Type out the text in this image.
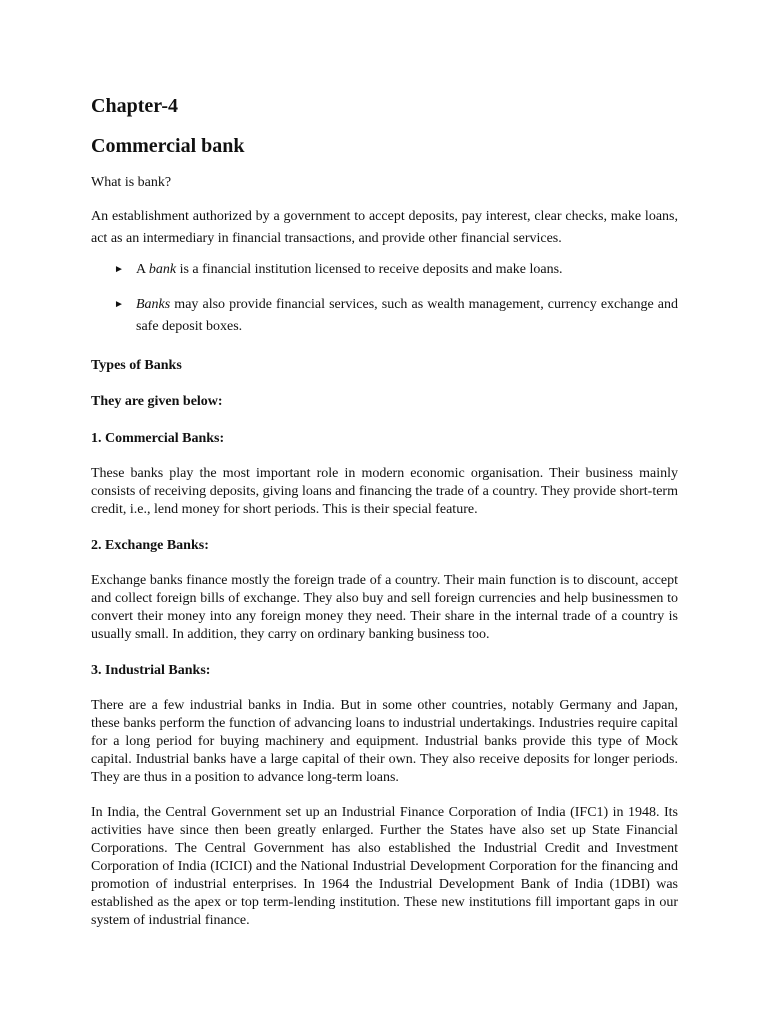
Chapter-4
Commercial bank

What is bank?

An establishment authorized by a government to accept deposits, pay interest, clear checks, make loans, act as an intermediary in financial transactions, and provide other financial services.

► A bank is a financial institution licensed to receive deposits and make loans.
► Banks may also provide financial services, such as wealth management, currency exchange and safe deposit boxes.

Types of Banks

They are given below:

1. Commercial Banks:

These banks play the most important role in modern economic organisation. Their business mainly consists of receiving deposits, giving loans and financing the trade of a country. They provide short-term credit, i.e., lend money for short periods. This is their special feature.

2. Exchange Banks:

Exchange banks finance mostly the foreign trade of a country. Their main function is to discount, accept and collect foreign bills of exchange. They also buy and sell foreign currencies and help businessmen to convert their money into any foreign money they need. Their share in the internal trade of a country is usually small. In addition, they carry on ordinary banking business too.

3. Industrial Banks:

There are a few industrial banks in India. But in some other countries, notably Germany and Japan, these banks perform the function of advancing loans to industrial undertakings. Industries require capital for a long period for buying machinery and equipment. Industrial banks provide this type of Mock capital. Industrial banks have a large capital of their own. They also receive deposits for longer periods. They are thus in a position to advance long-term loans.

In India, the Central Government set up an Industrial Finance Corporation of India (IFC1) in 1948. Its activities have since then been greatly enlarged. Further the States have also set up State Financial Corporations. The Central Government has also established the Industrial Credit and Investment Corporation of India (ICICI) and the National Industrial Development Corporation for the financing and promotion of industrial enterprises. In 1964 the Industrial Development Bank of India (1DBI) was established as the apex or top term-lending institution. These new institutions fill important gaps in our system of industrial finance.
